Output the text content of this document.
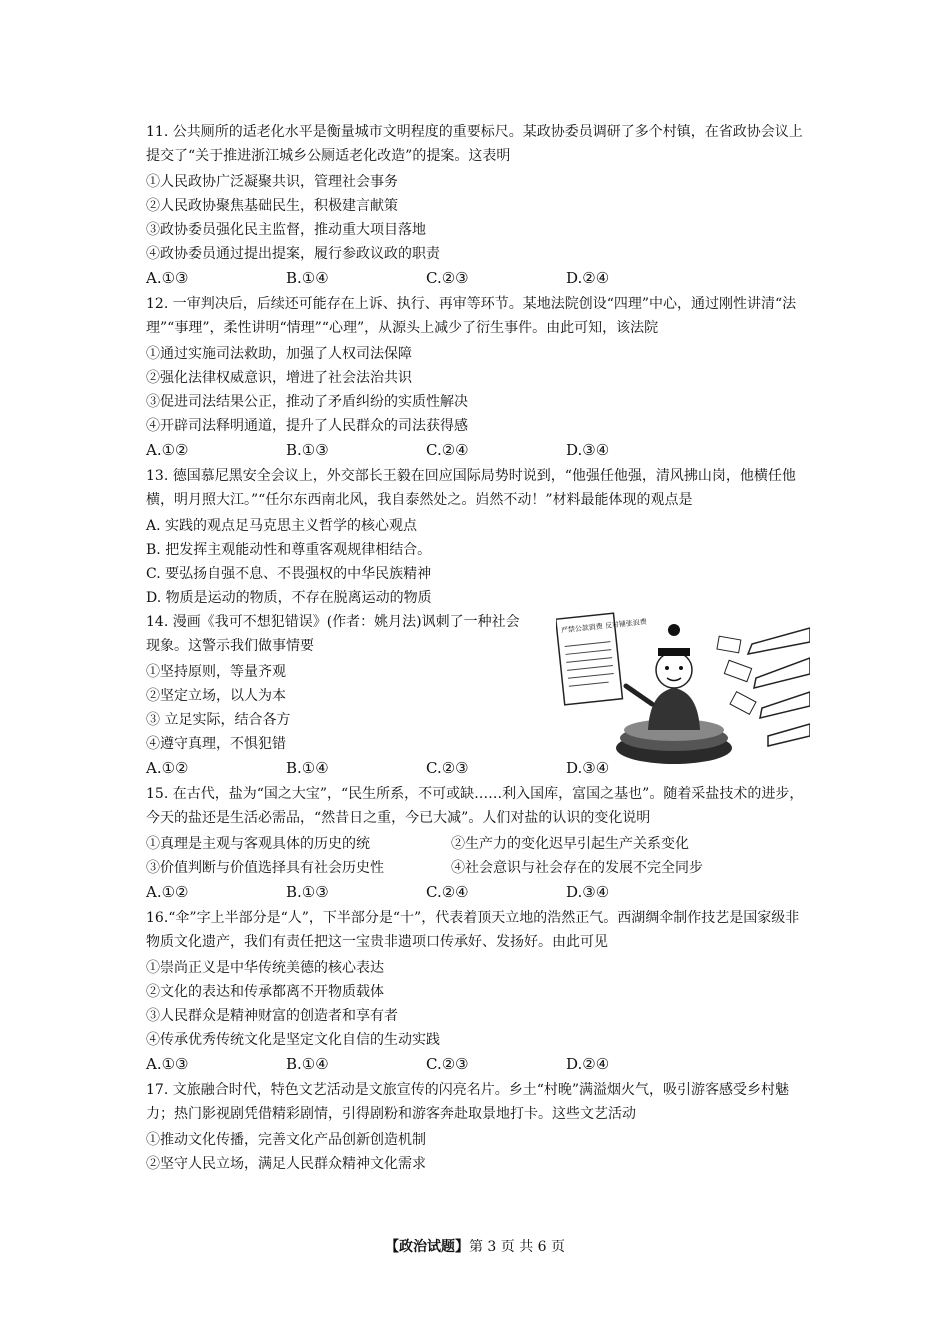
11. 公共厕所的适老化水平是衡量城市文明程度的重要标尺。某政协委员调研了多个村镇，在省政协会议上提交了“关于推进浙江城乡公厕适老化改造”的提案。这表明

①人民政协广泛凝聚共识，管理社会事务

②人民政协聚焦基础民生，积极建言献策

③政协委员强化民主监督，推动重大项目落地

④政协委员通过提出提案，履行参政议政的职责

A.①③	B.①④	C.②③	D.②④

12. 一审判决后，后续还可能存在上诉、执行、再审等环节。某地法院创设“四理”中心，通过刚性讲清“法理”“事理”，柔性讲明“情理”“心理”，从源头上减少了衍生事件。由此可知，该法院

①通过实施司法救助，加强了人权司法保障

②强化法律权威意识，增进了社会法治共识

③促进司法结果公正，推动了矛盾纠纷的实质性解决

④开辟司法释明通道，提升了人民群众的司法获得感

A.①②	B.①③	C.②④	D.③④

13. 德国慕尼黑安全会议上，外交部长王毅在回应国际局势时说到，“他强任他强，清风拂山岗，他横任他横，明月照大江。”“任尔东西南北风，我自泰然处之。岿然不动！”材料最能体现的观点是

A. 实践的观点足马克思主义哲学的核心观点

B. 把发挥主观能动性和尊重客观规律相结合。

C. 要弘扬自强不息、不畏强权的中华民族精神

D. 物质是运动的物质，不存在脱离运动的物质

14. 漫画《我可不想犯错误》(作者：姚月法)讽刺了一种社会现象。这警示我们做事情要

①坚持原则，等量齐观

②坚定立场，以人为本

③ 立足实际，结合各方

④遵守真理，不惧犯错

A.①②	B.①④	C.②③	D.③④
严禁公款消费 反对铺张浪费

15. 在古代，盐为“国之大宝”，“民生所系，不可或缺……利入国库，富国之基也”。随着采盐技术的进步，今天的盐还是生活必需品，“然昔日之重，今已大减”。人们对盐的认识的变化说明

①真理是主观与客观具体的历史的统	②生产力的变化迟早引起生产关系变化

③价值判断与价值选择具有社会历史性	④社会意识与社会存在的发展不完全同步

A.①②	B.①③	C.②④	D.③④

16.“伞”字上半部分是“人”，下半部分是“十”，代表着顶天立地的浩然正气。西湖绸伞制作技艺是国家级非物质文化遗产，我们有责任把这一宝贵非遗项口传承好、发扬好。由此可见

①崇尚正义是中华传统美德的核心表达

②文化的表达和传承都离不开物质载体

③人民群众是精神财富的创造者和享有者

④传承优秀传统文化是坚定文化自信的生动实践

A.①③	B.①④	C.②③	D.②④

17. 文旅融合时代，特色文艺活动是文旅宣传的闪亮名片。乡土“村晚”满溢烟火气，吸引游客感受乡村魅力；热门影视剧凭借精彩剧情，引得剧粉和游客奔赴取景地打卡。这些文艺活动

①推动文化传播，完善文化产品创新创造机制

②坚守人民立场，满足人民群众精神文化需求

【政治试题】第 3 页 共 6 页
